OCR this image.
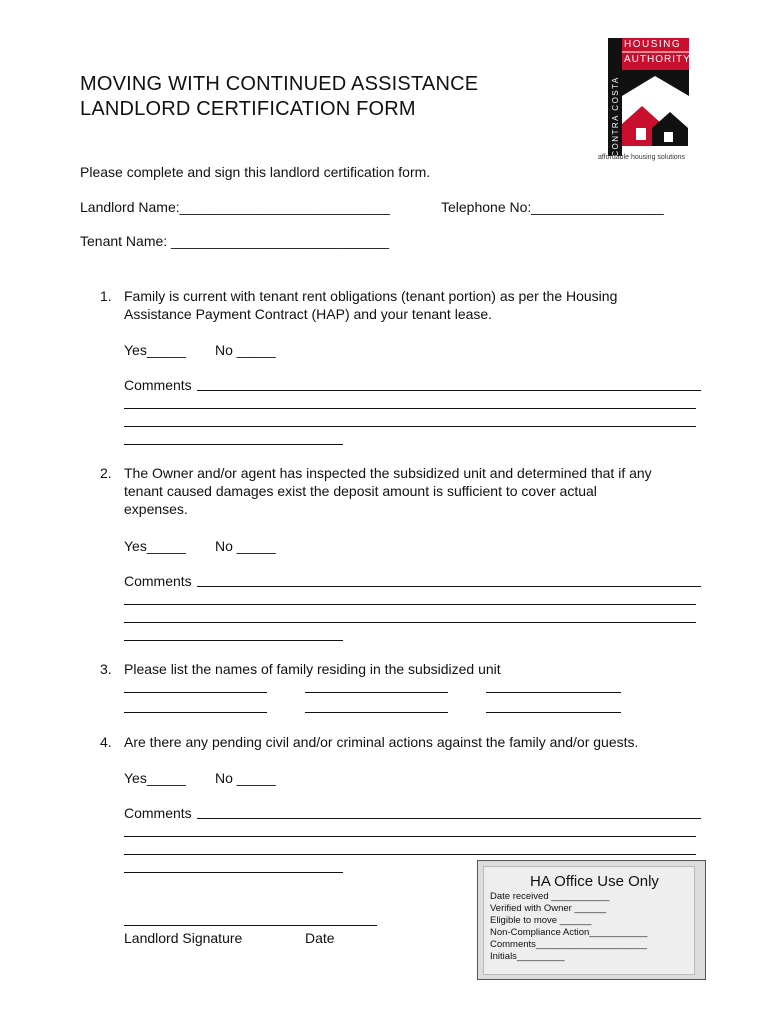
MOVING WITH CONTINUED ASSISTANCE
LANDLORD CERTIFICATION FORM
HOUSING
AUTHORITY
CONTRA COSTA
affordable housing solutions
Please complete and sign this landlord certification form.
Landlord Name:___________________________	Telephone No:_________________
Tenant Name: ____________________________
1. Family is current with tenant rent obligations (tenant portion) as per the Housing
Assistance Payment Contract (HAP) and your tenant lease.
Yes_____ No _____
Comments
2. The Owner and/or agent has inspected the subsidized unit and determined that if any
tenant caused damages exist the deposit amount is sufficient to cover actual
expenses.
Yes_____ No _____
Comments
3. Please list the names of family residing in the subsidized unit
4. Are there any pending civil and/or criminal actions against the family and/or guests.
Yes_____ No _____
Comments
Landlord Signature	Date
HA Office Use Only
Date received ___________
Verified with Owner ______
Eligible to move ______
Non-Compliance Action___________
Comments_____________________
Initials_________
